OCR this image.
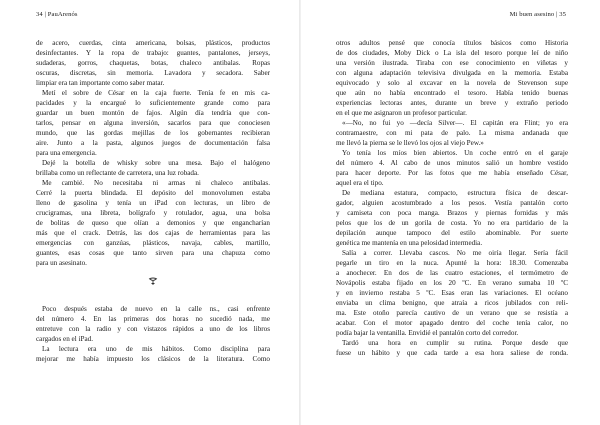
34 | PauArenós
de acero, cuerdas, cinta americana, bolsas, plásticos, productos
desinfectantes. Y la ropa de trabajo: guantes, pantalones, jerseys,
sudaderas, gorros, chaquetas, botas, chaleco antibalas. Ropas
oscuras, discretas, sin memoria. Lavadora y secadora. Saber
limpiar era tan importante como saber matar.
Metí el sobre de César en la caja fuerte. Tenía fe en mis ca-
pacidades y la encargué lo suficientemente grande como para
guardar un buen montón de fajos. Algún día tendría que con-
tarlos, pensar en alguna inversión, sacarlos para que conociesen
mundo, que las gordas mejillas de los gobernantes recibieran
aire. Junto a la pasta, algunos juegos de documentación falsa
para una emergencia.
Dejé la botella de whisky sobre una mesa. Bajo el halógeno
brillaba como un reflectante de carretera, una luz robada.
Me cambié. No necesitaba ni armas ni chaleco antibalas.
Cerré la puerta blindada. El depósito del monovolumen estaba
lleno de gasolina y tenía un iPad con lecturas, un libro de
crucigramas, una libreta, bolígrafo y rotulador, agua, una bolsa
de bolitas de queso que olían a demonios y que engancharían
más que el crack. Detrás, las dos cajas de herramientas para las
emergencias con ganzúas, plásticos, navaja, cables, martillo,
guantes, esas cosas que tanto sirven para una chapuza como
para un asesinato.
Poco después estaba de nuevo en la calle ns., casi enfrente
del número 4. En las primeras dos horas no sucedió nada, me
entretuve con la radio y con vistazos rápidos a uno de los libros
cargados en el iPad.
La lectura era uno de mis hábitos. Como disciplina para
mejorar me había impuesto los clásicos de la literatura. Como
Mi buen asesino | 35
otros adultos pensé que conocía títulos básicos como Historia
de dos ciudades, Moby Dick o La isla del tesoro porque leí de niño
una versión ilustrada. Tiraba con ese conocimiento en viñetas y
con alguna adaptación televisiva divulgada en la memoria. Estaba
equivocado y solo al excavar en la novela de Stevenson supe
que aún no había encontrado el tesoro. Había tenido buenas
experiencias lectoras antes, durante un breve y extraño periodo
en el que me asignaron un profesor particular.
«—No, no fui yo —decía Silver—. El capitán era Flint; yo era
contramaestre, con mi pata de palo. La misma andanada que
me llevó la pierna se le llevó los ojos al viejo Pew.»
Yo tenía los míos bien abiertos. Un coche entró en el garaje
del número 4. Al cabo de unos minutos salió un hombre vestido
para hacer deporte. Por las fotos que me había enseñado César,
aquel era el tipo.
De mediana estatura, compacto, estructura física de descar-
gador, alguien acostumbrado a los pesos. Vestía pantalón corto
y camiseta con poca manga. Brazos y piernas fornidas y más
pelos que los de un gorila de costa. Yo no era partidario de la
depilación aunque tampoco del estilo abominable. Por suerte
genética me mantenía en una pelosidad intermedia.
Salía a correr. Llevaba cascos. No me oiría llegar. Sería fácil
pegarle un tiro en la nuca. Apunté la hora: 18.30. Comenzaba
a anochecer. En dos de las cuatro estaciones, el termómetro de
Novápolis estaba fijado en los 20 ºC. En verano sumaba 10 ºC
y en invierno restaba 5 ºC. Esas eran las variaciones. El océano
enviaba un clima benigno, que atraía a ricos jubilados con reli-
ma. Este otoño parecía cautivo de un verano que se resistía a
acabar. Con el motor apagado dentro del coche tenía calor, no
podía bajar la ventanilla. Envidié el pantalón corto del corredor.
Tardó una hora en cumplir su rutina. Porque desde que
fuese un hábito y que cada tarde a esa hora saliese de ronda.
